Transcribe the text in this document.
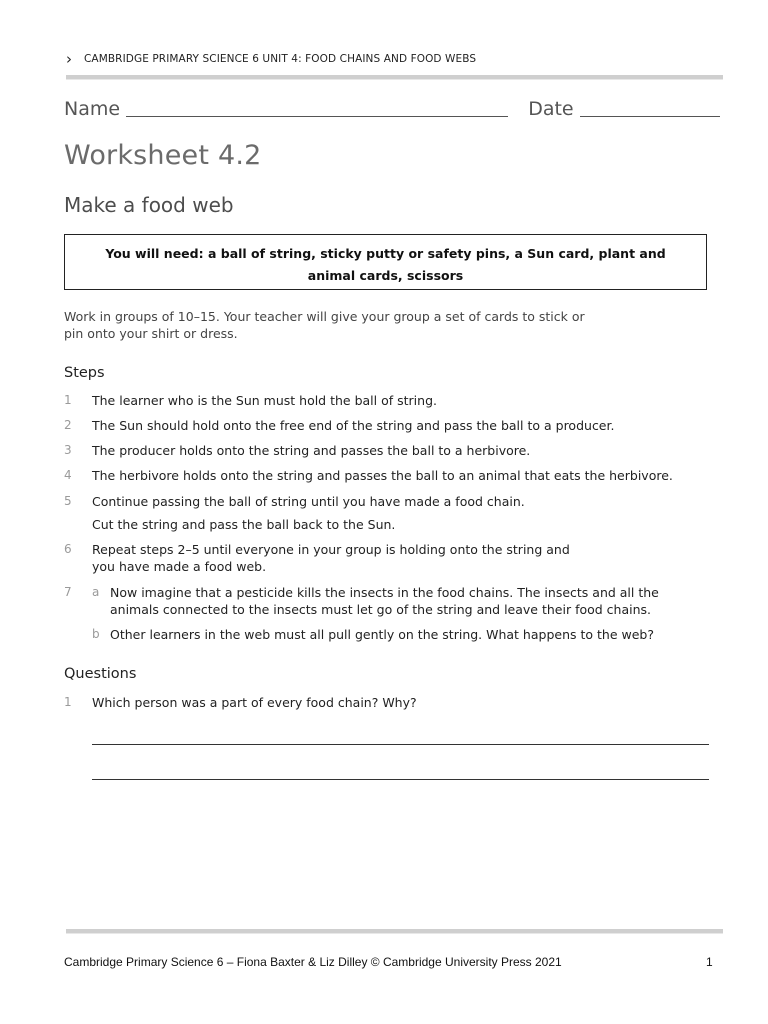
› CAMBRIDGE PRIMARY SCIENCE 6 UNIT 4: FOOD CHAINS AND FOOD WEBS
Name	Date
Worksheet 4.2
Make a food web
You will need: a ball of string, sticky putty or safety pins, a Sun card, plant and
animal cards, scissors
Work in groups of 10–15. Your teacher will give your group a set of cards to stick or
pin onto your shirt or dress.
Steps
1 The learner who is the Sun must hold the ball of string.
2 The Sun should hold onto the free end of the string and pass the ball to a producer.
3 The producer holds onto the string and passes the ball to a herbivore.
4 The herbivore holds onto the string and passes the ball to an animal that eats the herbivore.
5 Continue passing the ball of string until you have made a food chain.
Cut the string and pass the ball back to the Sun.
6 Repeat steps 2–5 until everyone in your group is holding onto the string and
you have made a food web.
7 a Now imagine that a pesticide kills the insects in the food chains. The insects and all the
animals connected to the insects must let go of the string and leave their food chains.
b Other learners in the web must all pull gently on the string. What happens to the web?
Questions
1 Which person was a part of every food chain? Why?
Cambridge Primary Science 6 – Fiona Baxter & Liz Dilley © Cambridge University Press 2021	1
